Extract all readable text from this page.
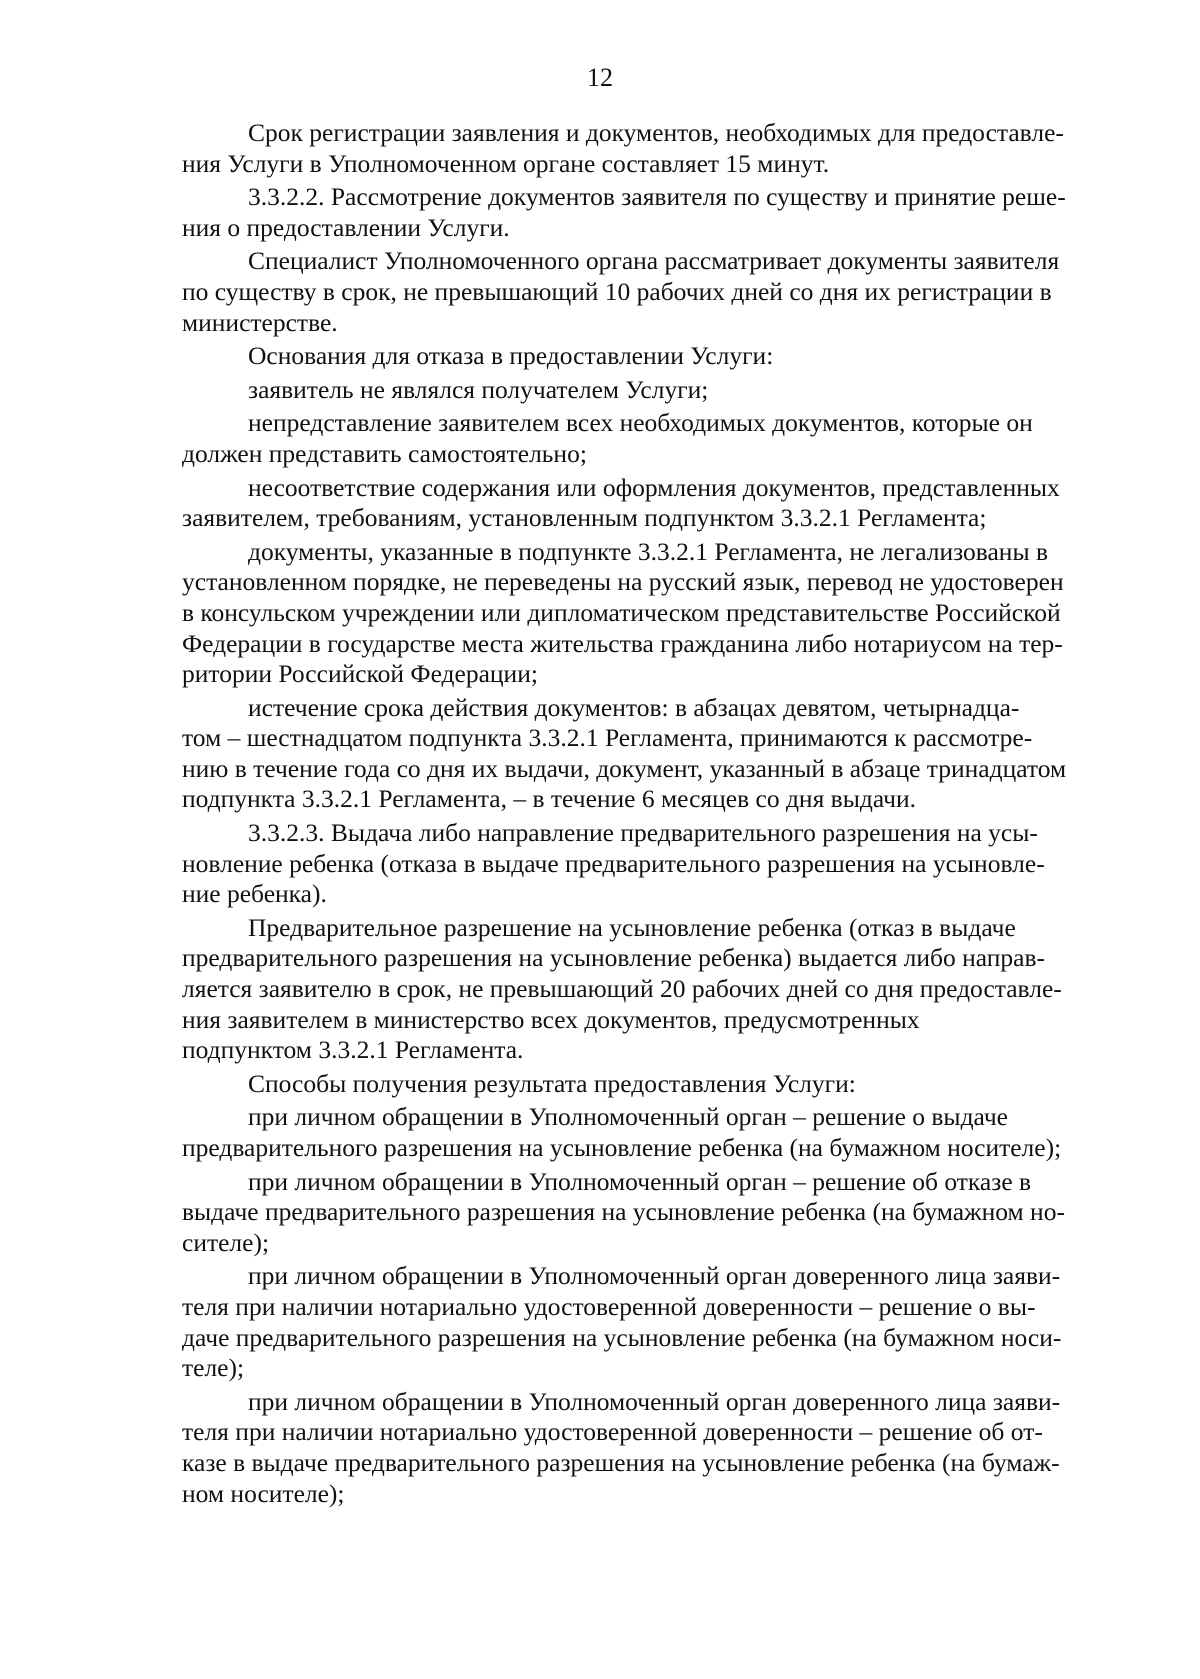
12

Срок регистрации заявления и документов, необходимых для предоставле-
ния Услуги в Уполномоченном органе составляет 15 минут.

3.3.2.2. Рассмотрение документов заявителя по существу и принятие реше-
ния о предоставлении Услуги.

Специалист Уполномоченного органа рассматривает документы заявителя
по существу в срок, не превышающий 10 рабочих дней со дня их регистрации в
министерстве.

Основания для отказа в предоставлении Услуги:

заявитель не являлся получателем Услуги;

непредставление заявителем всех необходимых документов, которые он
должен представить самостоятельно;

несоответствие содержания или оформления документов, представленных
заявителем, требованиям, установленным подпунктом 3.3.2.1 Регламента;

документы, указанные в подпункте 3.3.2.1 Регламента, не легализованы в
установленном порядке, не переведены на русский язык, перевод не удостоверен
в консульском учреждении или дипломатическом представительстве Российской
Федерации в государстве места жительства гражданина либо нотариусом на тер-
ритории Российской Федерации;

истечение срока действия документов: в абзацах девятом, четырнадца-
том – шестнадцатом подпункта 3.3.2.1 Регламента, принимаются к рассмотре-
нию в течение года со дня их выдачи, документ, указанный в абзаце тринадцатом
подпункта 3.3.2.1 Регламента, – в течение 6 месяцев со дня выдачи.

3.3.2.3. Выдача либо направление предварительного разрешения на усы-
новление ребенка (отказа в выдаче предварительного разрешения на усыновле-
ние ребенка).

Предварительное разрешение на усыновление ребенка (отказ в выдаче
предварительного разрешения на усыновление ребенка) выдается либо направ-
ляется заявителю в срок, не превышающий 20 рабочих дней со дня предоставле-
ния заявителем в министерство всех документов, предусмотренных
подпунктом 3.3.2.1 Регламента.

Способы получения результата предоставления Услуги:

при личном обращении в Уполномоченный орган – решение о выдаче
предварительного разрешения на усыновление ребенка (на бумажном носителе);

при личном обращении в Уполномоченный орган – решение об отказе в
выдаче предварительного разрешения на усыновление ребенка (на бумажном но-
сителе);

при личном обращении в Уполномоченный орган доверенного лица заяви-
теля при наличии нотариально удостоверенной доверенности – решение о вы-
даче предварительного разрешения на усыновление ребенка (на бумажном носи-
теле);

при личном обращении в Уполномоченный орган доверенного лица заяви-
теля при наличии нотариально удостоверенной доверенности – решение об от-
казе в выдаче предварительного разрешения на усыновление ребенка (на бумаж-
ном носителе);
